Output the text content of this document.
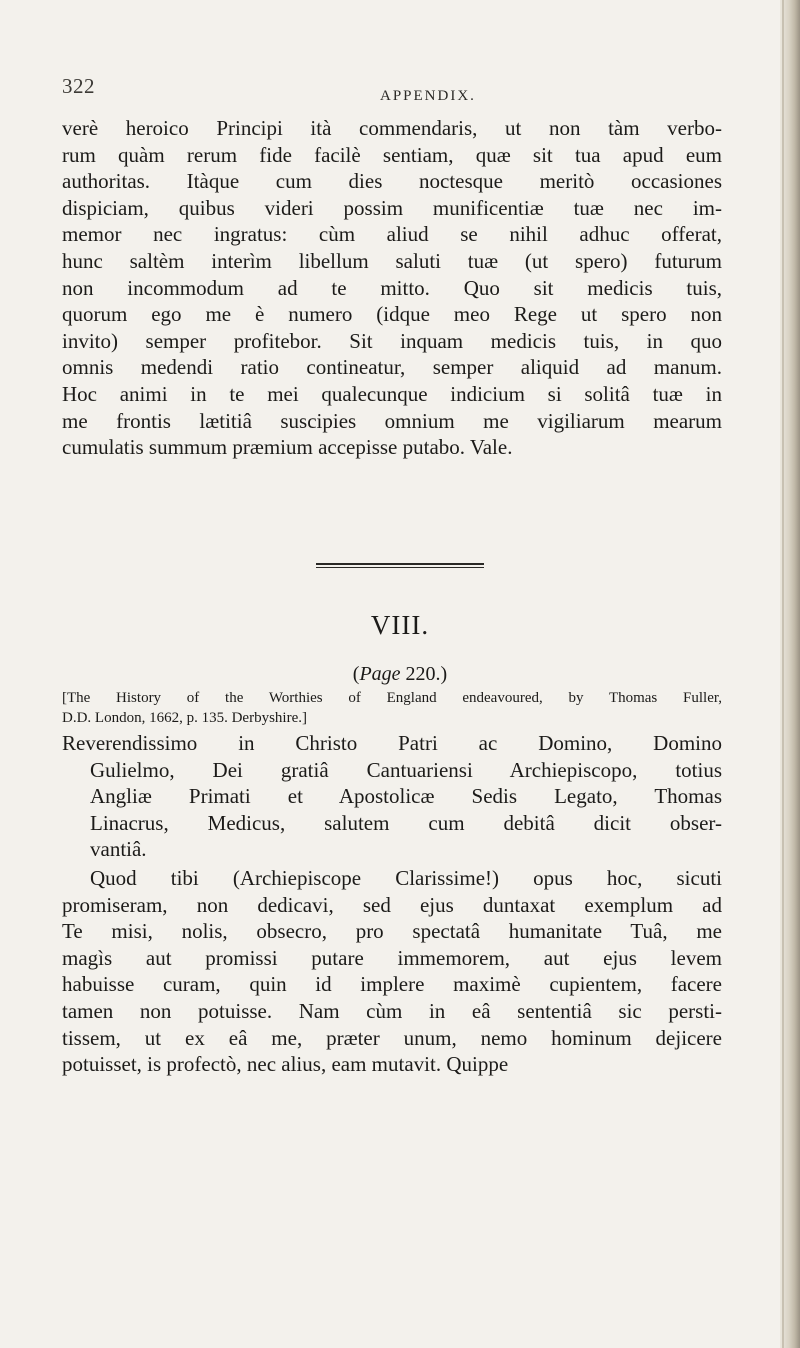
322	APPENDIX.

verè heroico Principi ità commendaris, ut non tàm verbo-
rum quàm rerum fide facilè sentiam, quæ sit tua apud eum
authoritas. Itàque cum dies noctesque meritò occasiones
dispiciam, quibus videri possim munificentiæ tuæ nec im-
memor nec ingratus: cùm aliud se nihil adhuc offerat,
hunc saltèm interìm libellum saluti tuæ (ut spero) futurum
non incommodum ad te mitto. Quo sit medicis tuis,
quorum ego me è numero (idque meo Rege ut spero non
invito) semper profitebor. Sit inquam medicis tuis, in quo
omnis medendi ratio contineatur, semper aliquid ad manum.
Hoc animi in te mei qualecunque indicium si solitâ tuæ in
me frontis lætitiâ suscipies omnium me vigiliarum mearum
cumulatis summum præmium accepisse putabo. Vale.

VIII.
(Page 220.)
[The History of the Worthies of England endeavoured, by Thomas Fuller,
D.D. London, 1662, p. 135. Derbyshire.]

Reverendissimo in Christo Patri ac Domino, Domino
Gulielmo, Dei gratiâ Cantuariensi Archiepiscopo, totius
Angliæ Primati et Apostolicæ Sedis Legato, Thomas
Linacrus, Medicus, salutem cum debitâ dicit obser-
vantiâ.

Quod tibi (Archiepiscope Clarissime!) opus hoc, sicuti
promiseram, non dedicavi, sed ejus duntaxat exemplum ad
Te misi, nolis, obsecro, pro spectatâ humanitate Tuâ, me
magìs aut promissi putare immemorem, aut ejus levem
habuisse curam, quin id implere maximè cupientem, facere
tamen non potuisse. Nam cùm in eâ sententiâ sic persti-
tissem, ut ex eâ me, præter unum, nemo hominum dejicere
potuisset, is profectò, nec alius, eam mutavit. Quippe
